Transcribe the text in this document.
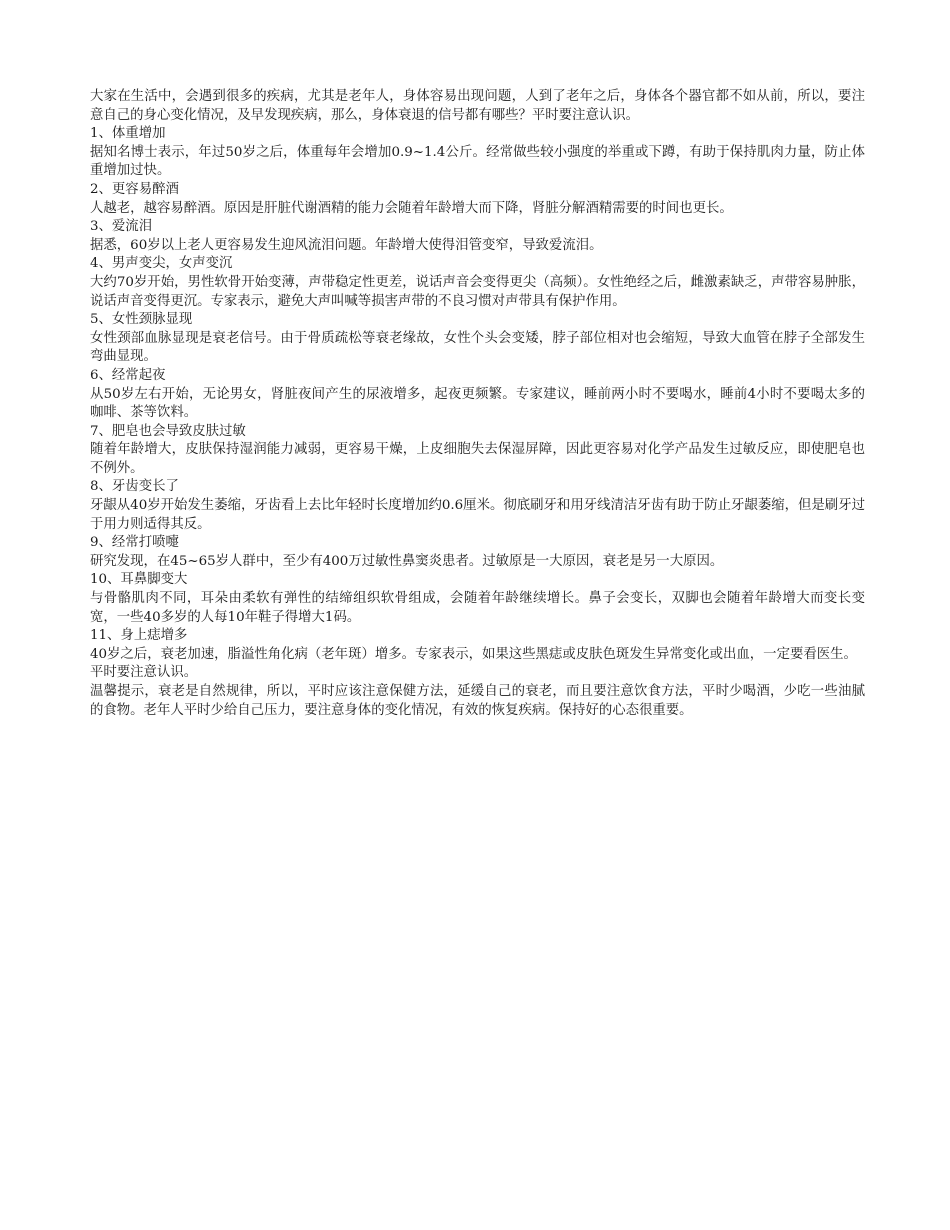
大家在生活中，会遇到很多的疾病，尤其是老年人，身体容易出现问题，人到了老年之后，身体各个器官都不如从前，所以，要注意自己的身心变化情况，及早发现疾病，那么，身体衰退的信号都有哪些？平时要注意认识。

1、体重增加

据知名博士表示，年过50岁之后，体重每年会增加0.9~1.4公斤。经常做些较小强度的举重或下蹲，有助于保持肌肉力量，防止体重增加过快。

2、更容易醉酒

人越老，越容易醉酒。原因是肝脏代谢酒精的能力会随着年龄增大而下降，肾脏分解酒精需要的时间也更长。

3、爱流泪

据悉，60岁以上老人更容易发生迎风流泪问题。年龄增大使得泪管变窄，导致爱流泪。

4、男声变尖，女声变沉

大约70岁开始，男性软骨开始变薄，声带稳定性更差，说话声音会变得更尖（高频）。女性绝经之后，雌激素缺乏，声带容易肿胀，说话声音变得更沉。专家表示，避免大声叫喊等损害声带的不良习惯对声带具有保护作用。

5、女性颈脉显现

女性颈部血脉显现是衰老信号。由于骨质疏松等衰老缘故，女性个头会变矮，脖子部位相对也会缩短，导致大血管在脖子全部发生弯曲显现。

6、经常起夜

从50岁左右开始，无论男女，肾脏夜间产生的尿液增多，起夜更频繁。专家建议，睡前两小时不要喝水，睡前4小时不要喝太多的咖啡、茶等饮料。

7、肥皂也会导致皮肤过敏

随着年龄增大，皮肤保持湿润能力减弱，更容易干燥，上皮细胞失去保湿屏障，因此更容易对化学产品发生过敏反应，即使肥皂也不例外。

8、牙齿变长了

牙龈从40岁开始发生萎缩，牙齿看上去比年轻时长度增加约0.6厘米。彻底刷牙和用牙线清洁牙齿有助于防止牙龈萎缩，但是刷牙过于用力则适得其反。

9、经常打喷嚏

研究发现，在45~65岁人群中，至少有400万过敏性鼻窦炎患者。过敏原是一大原因，衰老是另一大原因。

10、耳鼻脚变大

与骨骼肌肉不同，耳朵由柔软有弹性的结缔组织软骨组成，会随着年龄继续增长。鼻子会变长，双脚也会随着年龄增大而变长变宽，一些40多岁的人每10年鞋子得增大1码。

11、身上痣增多

40岁之后，衰老加速，脂溢性角化病（老年斑）增多。专家表示，如果这些黑痣或皮肤色斑发生异常变化或出血，一定要看医生。

平时要注意认识。

温馨提示，衰老是自然规律，所以，平时应该注意保健方法，延缓自己的衰老，而且要注意饮食方法，平时少喝酒，少吃一些油腻的食物。老年人平时少给自己压力，要注意身体的变化情况，有效的恢复疾病。保持好的心态很重要。
